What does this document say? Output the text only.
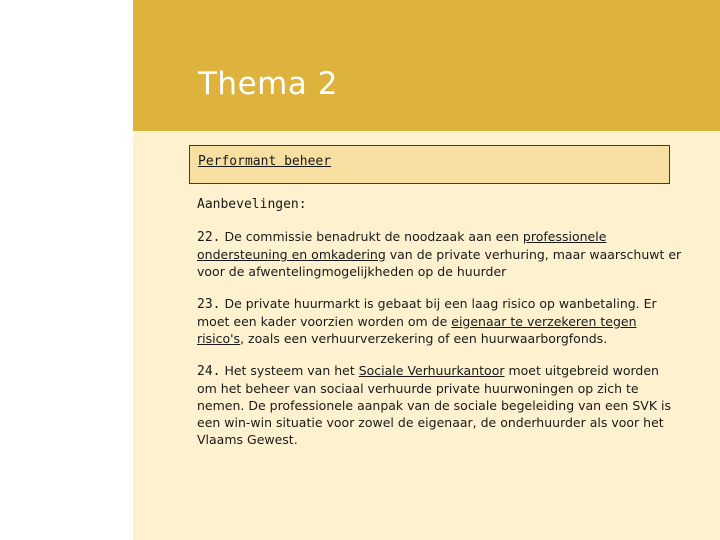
Thema 2
Performant beheer
Aanbevelingen:
22. De commissie benadrukt de noodzaak aan een professionele ondersteuning en omkadering van de private verhuring, maar waarschuwt er voor de afwentelingmogelijkheden op de huurder
23. De private huurmarkt is gebaat bij een laag risico op wanbetaling. Er moet een kader voorzien worden om de eigenaar te verzekeren tegen risico's, zoals een verhuurverzekering of een huurwaarborgfonds.
24. Het systeem van het Sociale Verhuurkantoor moet uitgebreid worden om het beheer van sociaal verhuurde private huurwoningen op zich te nemen. De professionele aanpak van de sociale begeleiding van een SVK is een win-win situatie voor zowel de eigenaar, de onderhuurder als voor het Vlaams Gewest.
